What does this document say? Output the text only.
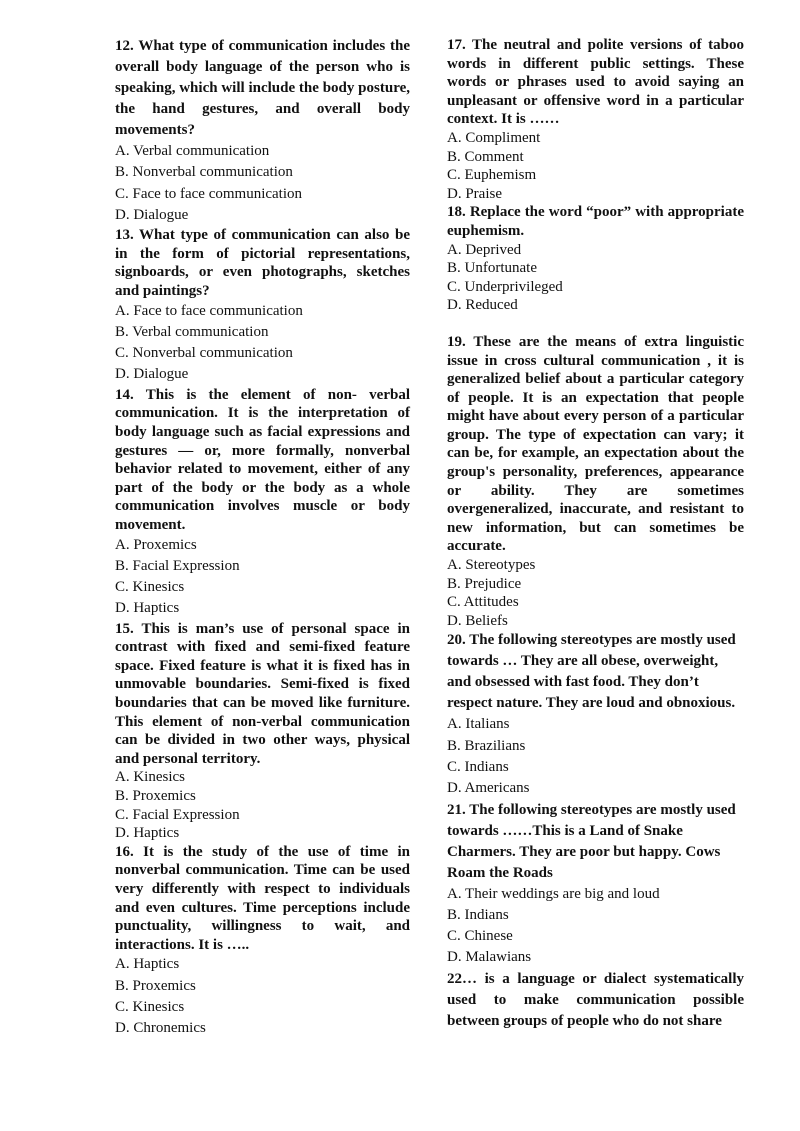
12. What type of communication includes the overall body language of the person who is speaking, which will include the body posture, the hand gestures, and overall body movements?

A. Verbal communication

B. Nonverbal communication

C. Face to face communication

D. Dialogue

13. What type of communication can also be in the form of pictorial representations, signboards, or even photographs, sketches and paintings?

A. Face to face communication

B. Verbal communication

C. Nonverbal communication

D. Dialogue

14. This is the element of non- verbal communication. It is the interpretation of body language such as facial expressions and gestures — or, more formally, nonverbal behavior related to movement, either of any part of the body or the body as a whole communication involves muscle or body movement.

A. Proxemics

B. Facial Expression

C. Kinesics

D. Haptics

15. This is man’s use of personal space in contrast with fixed and semi-fixed feature space. Fixed feature is what it is fixed has in unmovable boundaries. Semi-fixed is fixed boundaries that can be moved like furniture. This element of non-verbal communication can be divided in two other ways, physical and personal territory.

A. Kinesics

B. Proxemics

C. Facial Expression

D. Haptics

16. It is the study of the use of time in nonverbal communication. Time can be used very differently with respect to individuals and even cultures. Time perceptions include punctuality, willingness to wait, and interactions. It is …..

A. Haptics

B. Proxemics

C. Kinesics

D. Chronemics

17. The neutral and polite versions of taboo words in different public settings. These words or phrases used to avoid saying an unpleasant or offensive word in a particular context. It is ……

A. Compliment

B. Comment

C. Euphemism

D. Praise

18. Replace the word “poor” with appropriate euphemism.

A. Deprived

B. Unfortunate

C. Underprivileged

D. Reduced

19. These are the means of extra linguistic issue in cross cultural communication , it is generalized belief about a particular category of people. It is an expectation that people might have about every person of a particular group. The type of expectation can vary; it can be, for example, an expectation about the group's personality, preferences, appearance or ability. They are sometimes overgeneralized, inaccurate, and resistant to new information, but can sometimes be accurate.

A. Stereotypes

B. Prejudice

C. Attitudes

D. Beliefs

20. The following stereotypes are mostly used towards … They are all obese, overweight, and obsessed with fast food. They don’t respect nature. They are loud and obnoxious.

A. Italians

B. Brazilians

C. Indians

D. Americans

21. The following stereotypes are mostly used towards ……This is a Land of Snake Charmers. They are poor but happy. Cows Roam the Roads

A. Their weddings are big and loud

B. Indians

C. Chinese

D. Malawians

22… is a language or dialect systematically used to make communication possible between groups of people who do not share
